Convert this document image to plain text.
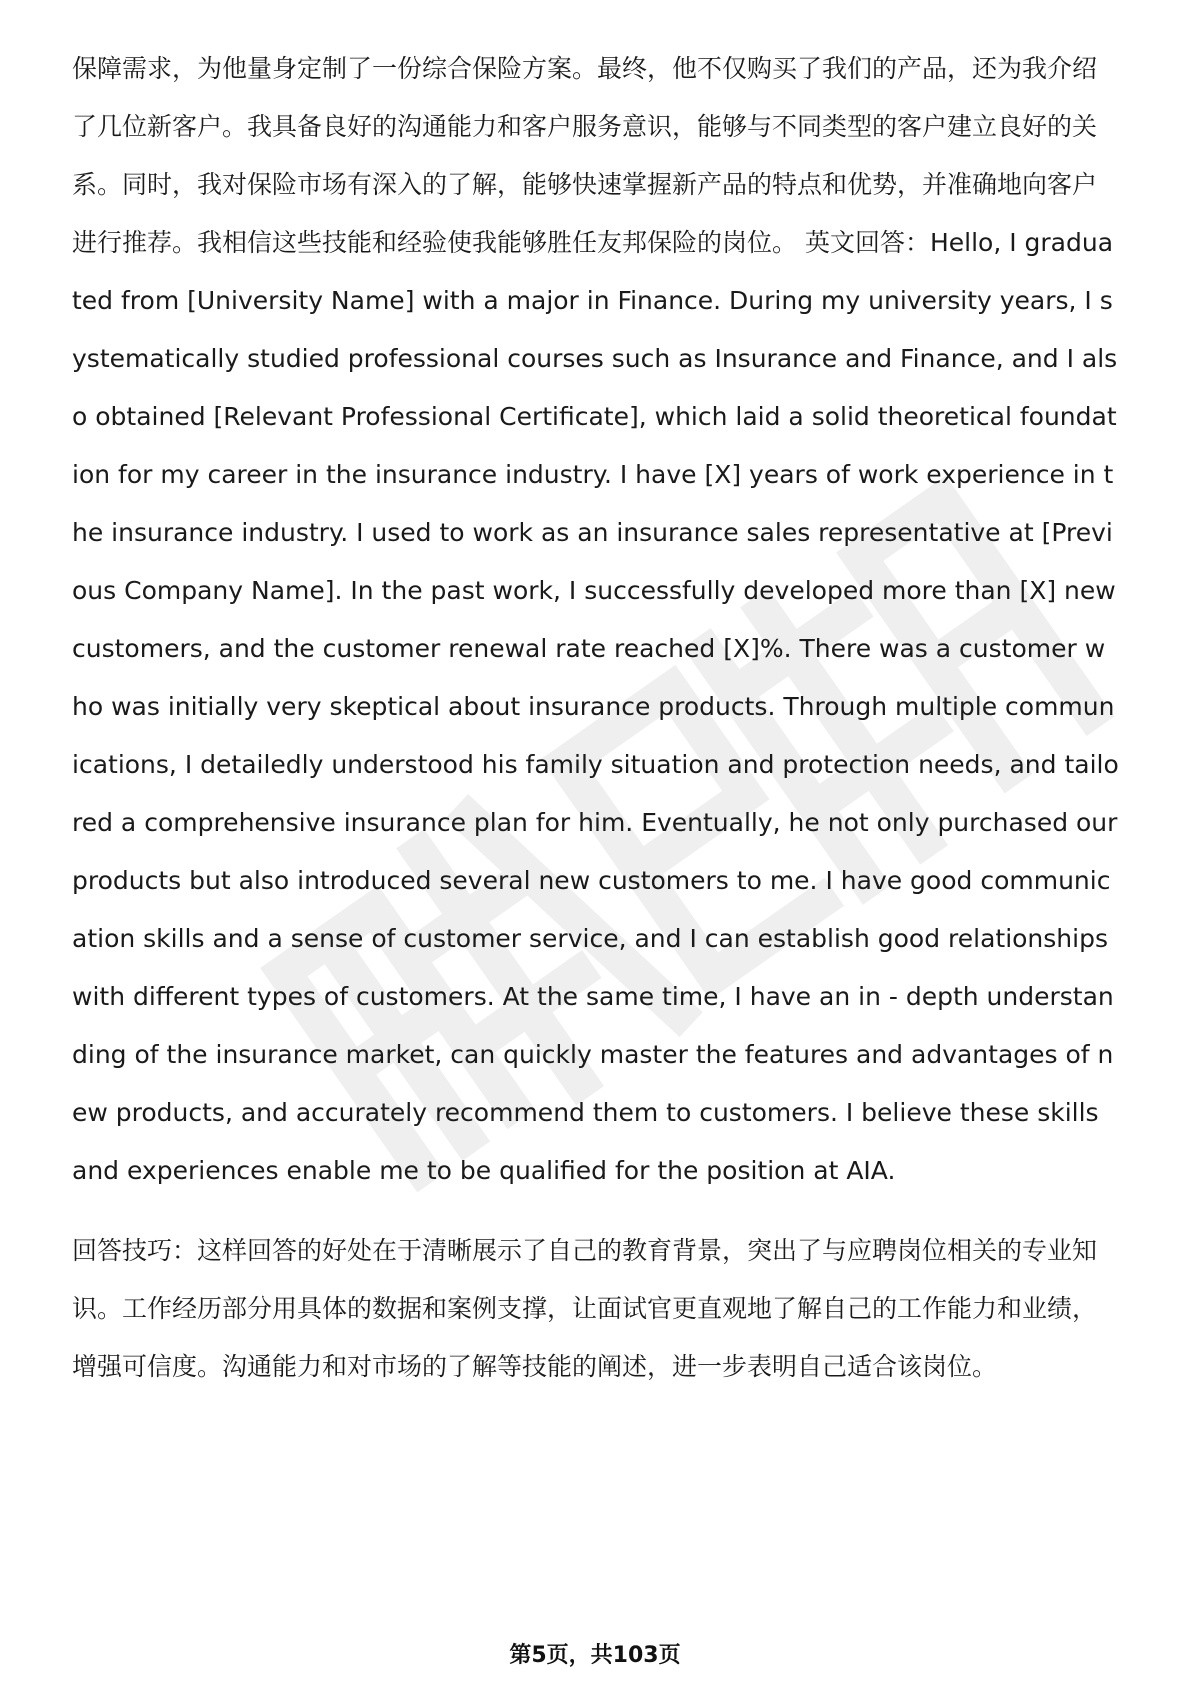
保障需求，为他量身定制了一份综合保险方案。最终，他不仅购买了我们的产品，还为我介绍了几位新客户。我具备良好的沟通能力和客户服务意识，能够与不同类型的客户建立良好的关系。同时，我对保险市场有深入的了解，能够快速掌握新产品的特点和优势，并准确地向客户进行推荐。我相信这些技能和经验使我能够胜任友邦保险的岗位。 英文回答：Hello, I graduated from [University Name] with a major in Finance. During my university years, I systematically studied professional courses such as Insurance and Finance, and I also obtained [Relevant Professional Certificate], which laid a solid theoretical foundation for my career in the insurance industry. I have [X] years of work experience in the insurance industry. I used to work as an insurance sales representative at [Previous Company Name]. In the past work, I successfully developed more than [X] new customers, and the customer renewal rate reached [X]%. There was a customer who was initially very skeptical about insurance products. Through multiple communications, I detailedly understood his family situation and protection needs, and tailored a comprehensive insurance plan for him. Eventually, he not only purchased our products but also introduced several new customers to me. I have good communication skills and a sense of customer service, and I can establish good relationships with different types of customers. At the same time, I have an in - depth understanding of the insurance market, can quickly master the features and advantages of new products, and accurately recommend them to customers. I believe these skills and experiences enable me to be qualified for the position at AIA.

回答技巧：这样回答的好处在于清晰展示了自己的教育背景，突出了与应聘岗位相关的专业知识。工作经历部分用具体的数据和案例支撑，让面试官更直观地了解自己的工作能力和业绩，增强可信度。沟通能力和对市场的了解等技能的阐述，进一步表明自己适合该岗位。

第5页，共103页
